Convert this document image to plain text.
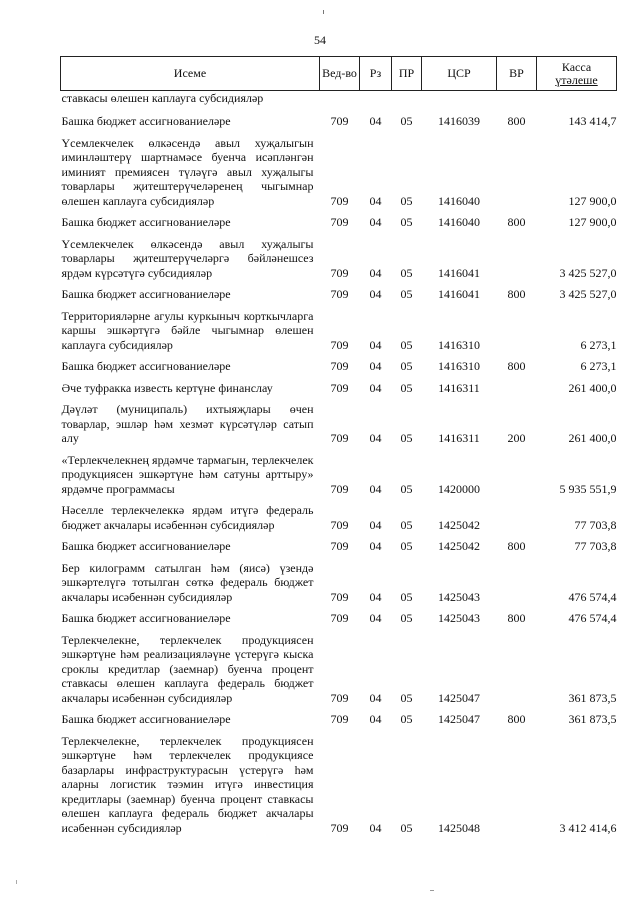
54
Исеме	Вед-во	Рз	ПР	ЦСР	ВР	Касса
үтәлеше

ставкасы өлешен каплауга субсидияләр						

Башка бюджет ассигнованиеләре	709	04	05	1416039	800	143 414,7

Үсемлекчелек өлкәсендә авыл хуҗалыгын иминләштерү шартнамәсе буенча исәпләнгән иминият премиясен түләүгә авыл хуҗалыгы товарлары җитештерүчеләренең чыгымнар өлешен каплауга субсидияләр	709	04	05	1416040		127 900,0

Башка бюджет ассигнованиеләре	709	04	05	1416040	800	127 900,0

Үсемлекчелек өлкәсендә авыл хуҗалыгы товарлары җитештерүчеләргә бәйләнешсез ярдәм күрсәтүгә субсидияләр	709	04	05	1416041		3 425 527,0

Башка бюджет ассигнованиеләре	709	04	05	1416041	800	3 425 527,0

Территорияләрне агулы куркыныч корткычларга каршы эшкәртүгә бәйле чыгымнар өлешен каплауга субсидияләр	709	04	05	1416310		6 273,1

Башка бюджет ассигнованиеләре	709	04	05	1416310	800	6 273,1

Әче туфракка известь кертүне финанслау	709	04	05	1416311		261 400,0

Дәүләт (муниципаль) ихтыяҗлары өчен товарлар, эшләр һәм хезмәт күрсәтүләр сатып алу	709	04	05	1416311	200	261 400,0

«Терлекчелекнең ярдәмче тармагын, терлекчелек продукциясен эшкәртүне һәм сатуны арттыру» ярдәмче программасы	709	04	05	1420000		5 935 551,9

Нәселле терлекчелеккә ярдәм итүгә федераль бюджет акчалары исәбеннән субсидияләр	709	04	05	1425042		77 703,8

Башка бюджет ассигнованиеләре	709	04	05	1425042	800	77 703,8

Бер килограмм сатылган һәм (яисә) үзендә эшкәртелүгә тотылган сөткә федераль бюджет акчалары исәбеннән субсидияләр	709	04	05	1425043		476 574,4

Башка бюджет ассигнованиеләре	709	04	05	1425043	800	476 574,4

Терлекчелекне, терлекчелек продукциясен эшкәртүне һәм реализацияләүне үстерүгә кыска сроклы кредитлар (заемнар) буенча процент ставкасы өлешен каплауга федераль бюджет акчалары исәбеннән субсидияләр	709	04	05	1425047		361 873,5

Башка бюджет ассигнованиеләре	709	04	05	1425047	800	361 873,5

Терлекчелекне, терлекчелек продукциясен эшкәртүне һәм терлекчелек продукциясе базарлары инфраструктурасын үстерүгә һәм аларны логистик тәэмин итүгә инвестиция кредитлары (заемнар) буенча процент ставкасы өлешен каплауга федераль бюджет акчалары исәбеннән субсидияләр	709	04	05	1425048		3 412 414,6
